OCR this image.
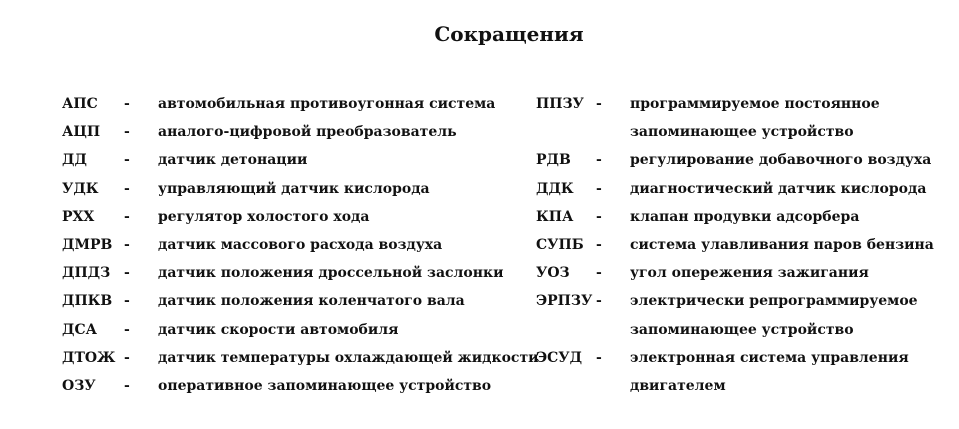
Сокращения
АПС - автомобильная противоугонная система
АЦП - аналого-цифровой преобразователь
ДД	- датчик детонации
УДК - управляющий датчик кислорода
РХХ - регулятор холостого хода
ДМРВ - датчик массового расхода воздуха
ДПДЗ - датчик положения дроссельной заслонки
ДПКВ - датчик положения коленчатого вала
ДСА - датчик скорости автомобиля
ДТОЖ - датчик температуры охлаждающей жидкости
ОЗУ - оперативное запоминающее устройство
ППЗУ - программируемое постоянное
запоминающее устройство
РДВ - регулирование добавочного воздуха
ДДК - диагностический датчик кислорода
КПА - клапан продувки адсорбера
СУПБ - система улавливания паров бензина
УОЗ - угол опережения зажигания
ЭРПЗУ - электрически репрограммируемое
запоминающее устройство
ЭСУД - электронная система управления
двигателем
